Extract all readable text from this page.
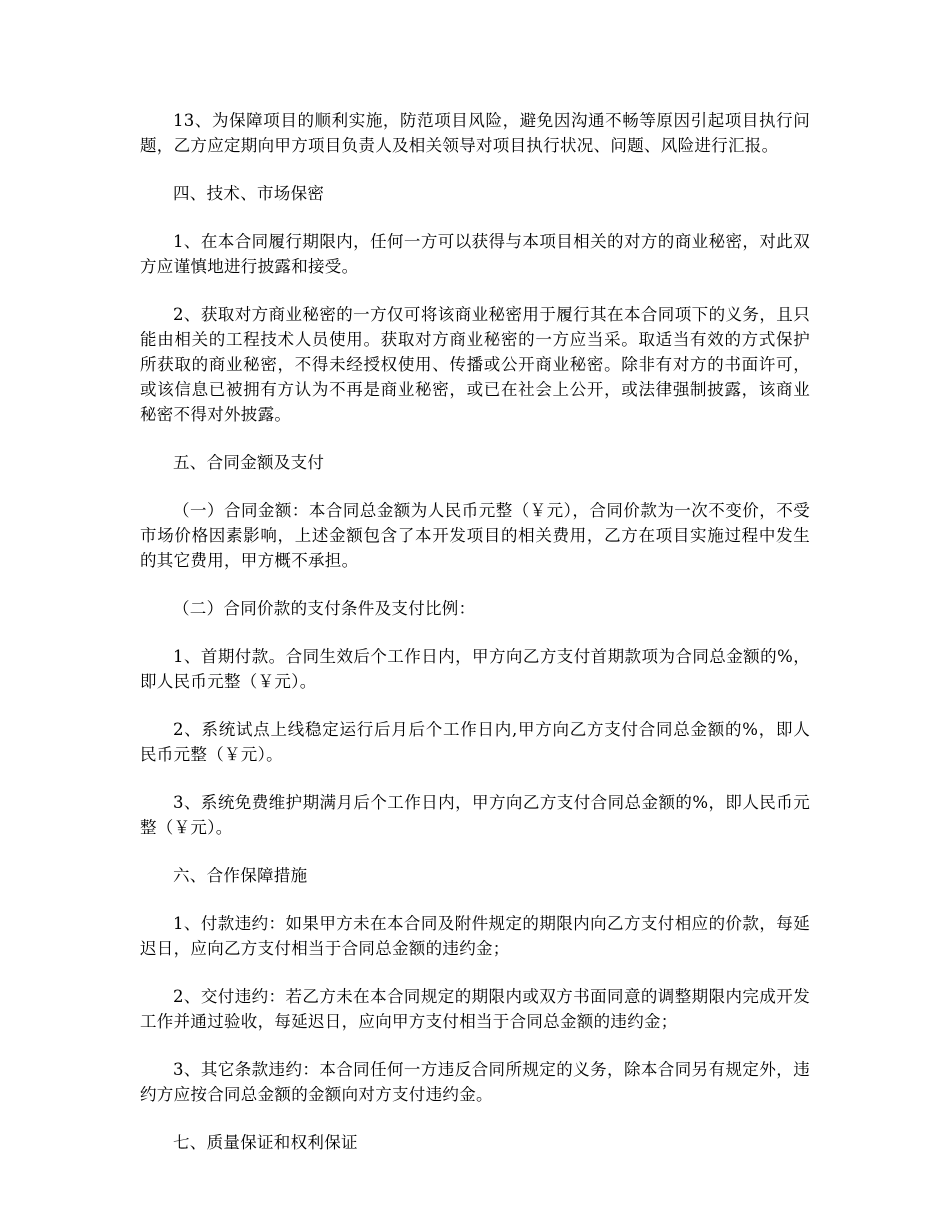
13、为保障项目的顺利实施，防范项目风险，避免因沟通不畅等原因引起项目执行问题，乙方应定期向甲方项目负责人及相关领导对项目执行状况、问题、风险进行汇报。

四、技术、市场保密

1、在本合同履行期限内，任何一方可以获得与本项目相关的对方的商业秘密，对此双方应谨慎地进行披露和接受。

2、获取对方商业秘密的一方仅可将该商业秘密用于履行其在本合同项下的义务，且只能由相关的工程技术人员使用。获取对方商业秘密的一方应当采。取适当有效的方式保护所获取的商业秘密，不得未经授权使用、传播或公开商业秘密。除非有对方的书面许可，或该信息已被拥有方认为不再是商业秘密，或已在社会上公开，或法律强制披露，该商业秘密不得对外披露。

五、合同金额及支付

（一）合同金额：本合同总金额为人民币元整（￥元），合同价款为一次不变价，不受市场价格因素影响，上述金额包含了本开发项目的相关费用，乙方在项目实施过程中发生的其它费用，甲方概不承担。

（二）合同价款的支付条件及支付比例：

1、首期付款。合同生效后个工作日内，甲方向乙方支付首期款项为合同总金额的%，即人民币元整（￥元）。

2、系统试点上线稳定运行后月后个工作日内,甲方向乙方支付合同总金额的%，即人民币元整（￥元）。

3、系统免费维护期满月后个工作日内，甲方向乙方支付合同总金额的%，即人民币元整（￥元）。

六、合作保障措施

1、付款违约：如果甲方未在本合同及附件规定的期限内向乙方支付相应的价款，每延迟日，应向乙方支付相当于合同总金额的违约金；

2、交付违约：若乙方未在本合同规定的期限内或双方书面同意的调整期限内完成开发工作并通过验收，每延迟日，应向甲方支付相当于合同总金额的违约金；

3、其它条款违约：本合同任何一方违反合同所规定的义务，除本合同另有规定外，违约方应按合同总金额的金额向对方支付违约金。

七、质量保证和权利保证
